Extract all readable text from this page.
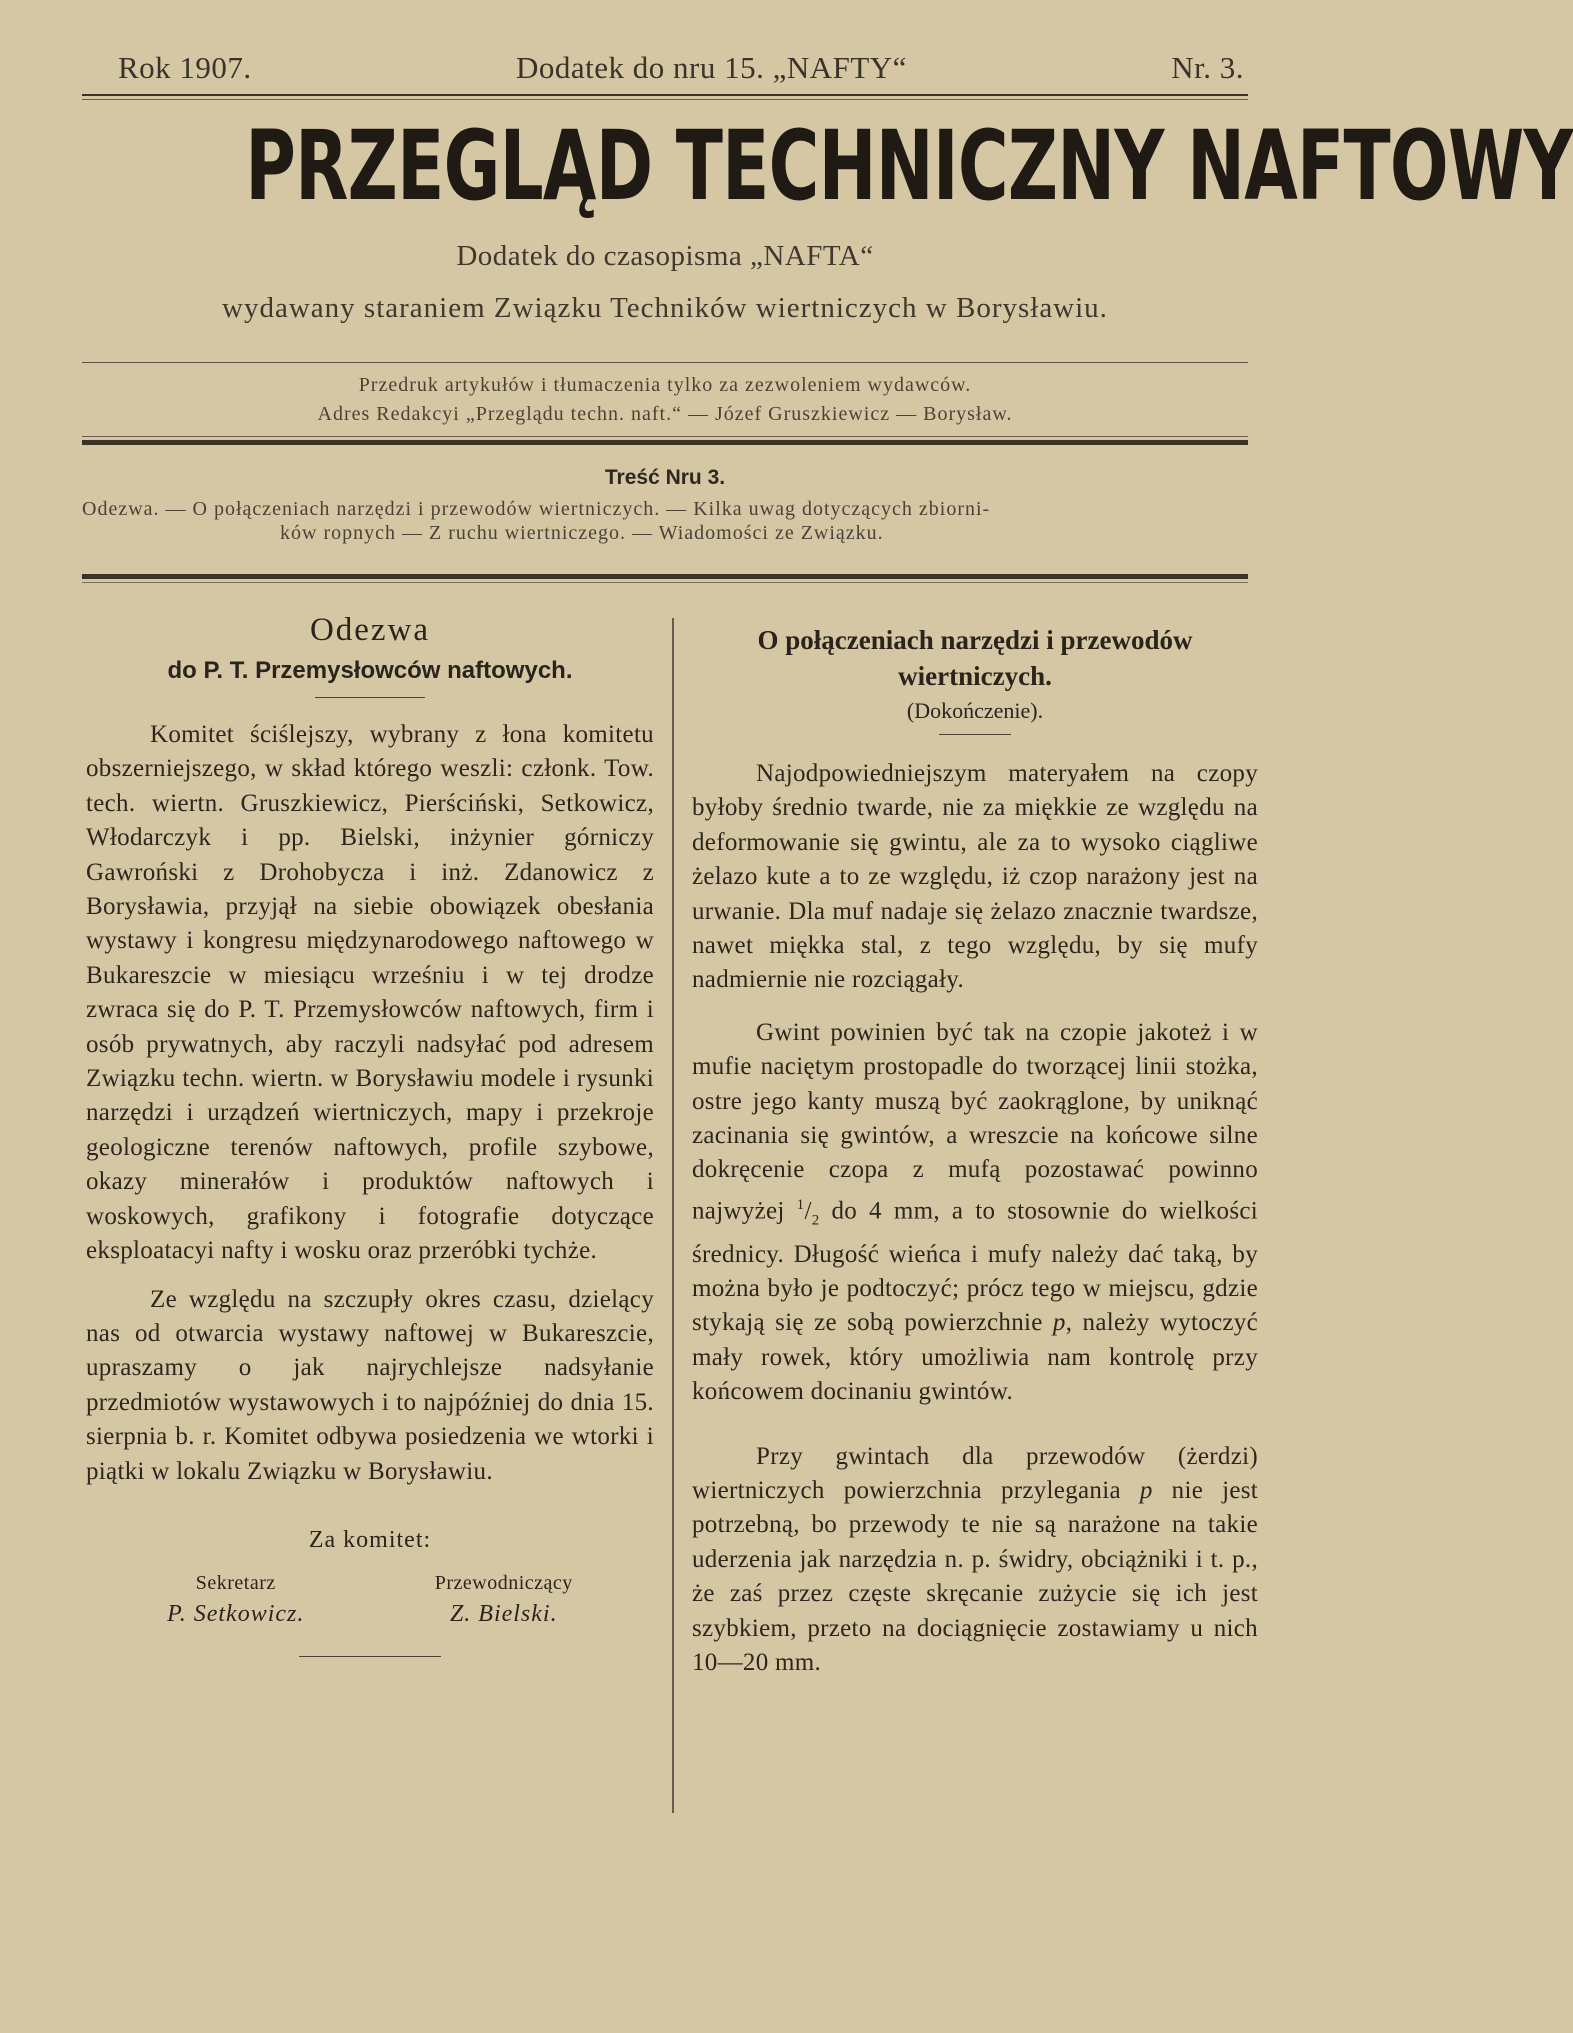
Rok 1907.	Dodatek do nru 15. „NAFTY“	Nr. 3.
PRZEGLĄD TECHNICZNY NAFTOWY
Dodatek do czasopisma „NAFTA“
wydawany staraniem Związku Techników wiertniczych w Borysławiu.
Przedruk artykułów i tłumaczenia tylko za zezwoleniem wydawców.
Adres Redakcyi „Przeglądu techn. naft.“ — Józef Gruszkiewicz — Borysław.
Treść Nru 3.
Odezwa. — O połączeniach narzędzi i przewodów wiertniczych. — Kilka uwag dotyczących zbiorni-
ków ropnych — Z ruchu wiertniczego. — Wiadomości ze Związku.
Odezwa
do P. T. Przemysłowców naftowych.

Komitet ściślejszy, wybrany z łona komitetu obszerniejszego, w skład którego weszli: członk. Tow. tech. wiertn. Gruszkiewicz, Pierściński, Setkowicz, Włodarczyk i pp. Bielski, inżynier górniczy Gawroński z Drohobycza i inż. Zdanowicz z Borysławia, przyjął na siebie obowiązek obesłania wystawy i kongresu międzynarodowego naftowego w Bukareszcie w miesiącu wrześniu i w tej drodze zwraca się do P. T. Przemysłowców naftowych, firm i osób prywatnych, aby raczyli nadsyłać pod adresem Związku techn. wiertn. w Borysławiu modele i rysunki narzędzi i urządzeń wiertniczych, mapy i przekroje geologiczne terenów naftowych, profile szybowe, okazy minerałów i produktów naftowych i woskowych, grafikony i fotografie dotyczące eksploatacyi nafty i wosku oraz przeróbki tychże.

Ze względu na szczupły okres czasu, dzielący nas od otwarcia wystawy naftowej w Bukareszcie, upraszamy o jak najrychlejsze nadsyłanie przedmiotów wystawowych i to najpóźniej do dnia 15. sierpnia b. r. Komitet odbywa posiedzenia we wtorki i piątki w lokalu Związku w Borysławiu.

Za komitet:
Sekretarz
P. Setkowicz.
Przewodniczący
Z. Bielski.
O połączeniach narzędzi i przewodów wiertniczych.
(Dokończenie).

Najodpowiedniejszym materyałem na czopy byłoby średnio twarde, nie za miękkie ze względu na deformowanie się gwintu, ale za to wysoko ciągliwe żelazo kute a to ze względu, iż czop narażony jest na urwanie. Dla muf nadaje się żelazo znacznie twardsze, nawet miękka stal, z tego względu, by się mufy nadmiernie nie rozciągały.

Gwint powinien być tak na czopie jakoteż i w mufie naciętym prostopadle do tworzącej linii stożka, ostre jego kanty muszą być zaokrąglone, by uniknąć zacinania się gwintów, a wreszcie na końcowe silne dokręcenie czopa z mufą pozostawać powinno najwyżej $^1/_2$ do 4 mm, a to stosownie do wielkości średnicy. Długość wieńca i mufy należy dać taką, by można było je podtoczyć; prócz tego w miejscu, gdzie stykają się ze sobą powierzchnie p, należy wytoczyć mały rowek, który umożliwia nam kontrolę przy końcowem docinaniu gwintów.

Przy gwintach dla przewodów (żerdzi) wiertniczych powierzchnia przylegania p nie jest potrzebną, bo przewody te nie są narażone na takie uderzenia jak narzędzia n. p. świdry, obciążniki i t. p., że zaś przez częste skręcanie zużycie się ich jest szybkiem, przeto na dociągnięcie zostawiamy u nich 10—20 mm.
